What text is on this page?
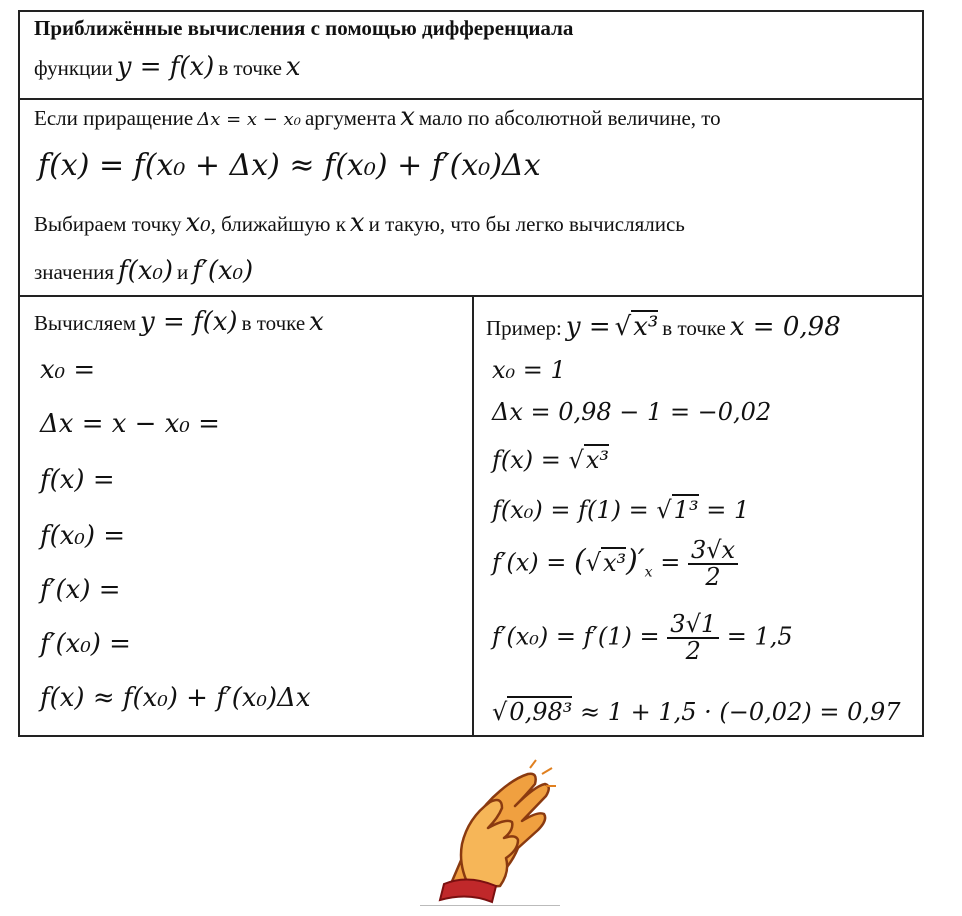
Приближённые вычисления с помощью дифференциала
функции y = f(x) в точке x
Если приращение Δx = x − x₀ аргумента x мало по абсолютной величине, то
f(x) = f(x₀ + Δx) ≈ f(x₀) + f′(x₀)Δx
Выбираем точку x₀, ближайшую к x и такую, что бы легко вычислялись
значения f(x₀) и f′(x₀)
Вычисляем y = f(x) в точке x
x₀ =
Δx = x − x₀ =
f(x) =
f(x₀) =
f′(x) =
f′(x₀) =
f(x) ≈ f(x₀) + f′(x₀)Δx
Пример: y = √x³ в точке x = 0,98
x₀ = 1
Δx = 0,98 − 1 = −0,02
f(x) = √x³
f(x₀) = f(1) = √1³ = 1
$f'(x) = (√x^3)'_x = \frac{3√x}{2}$
$f'(x_0) = f'(1) = \frac{3√1}{2} = 1,5$
√0,98³ ≈ 1 + 1,5 · (−0,02) = 0,97
